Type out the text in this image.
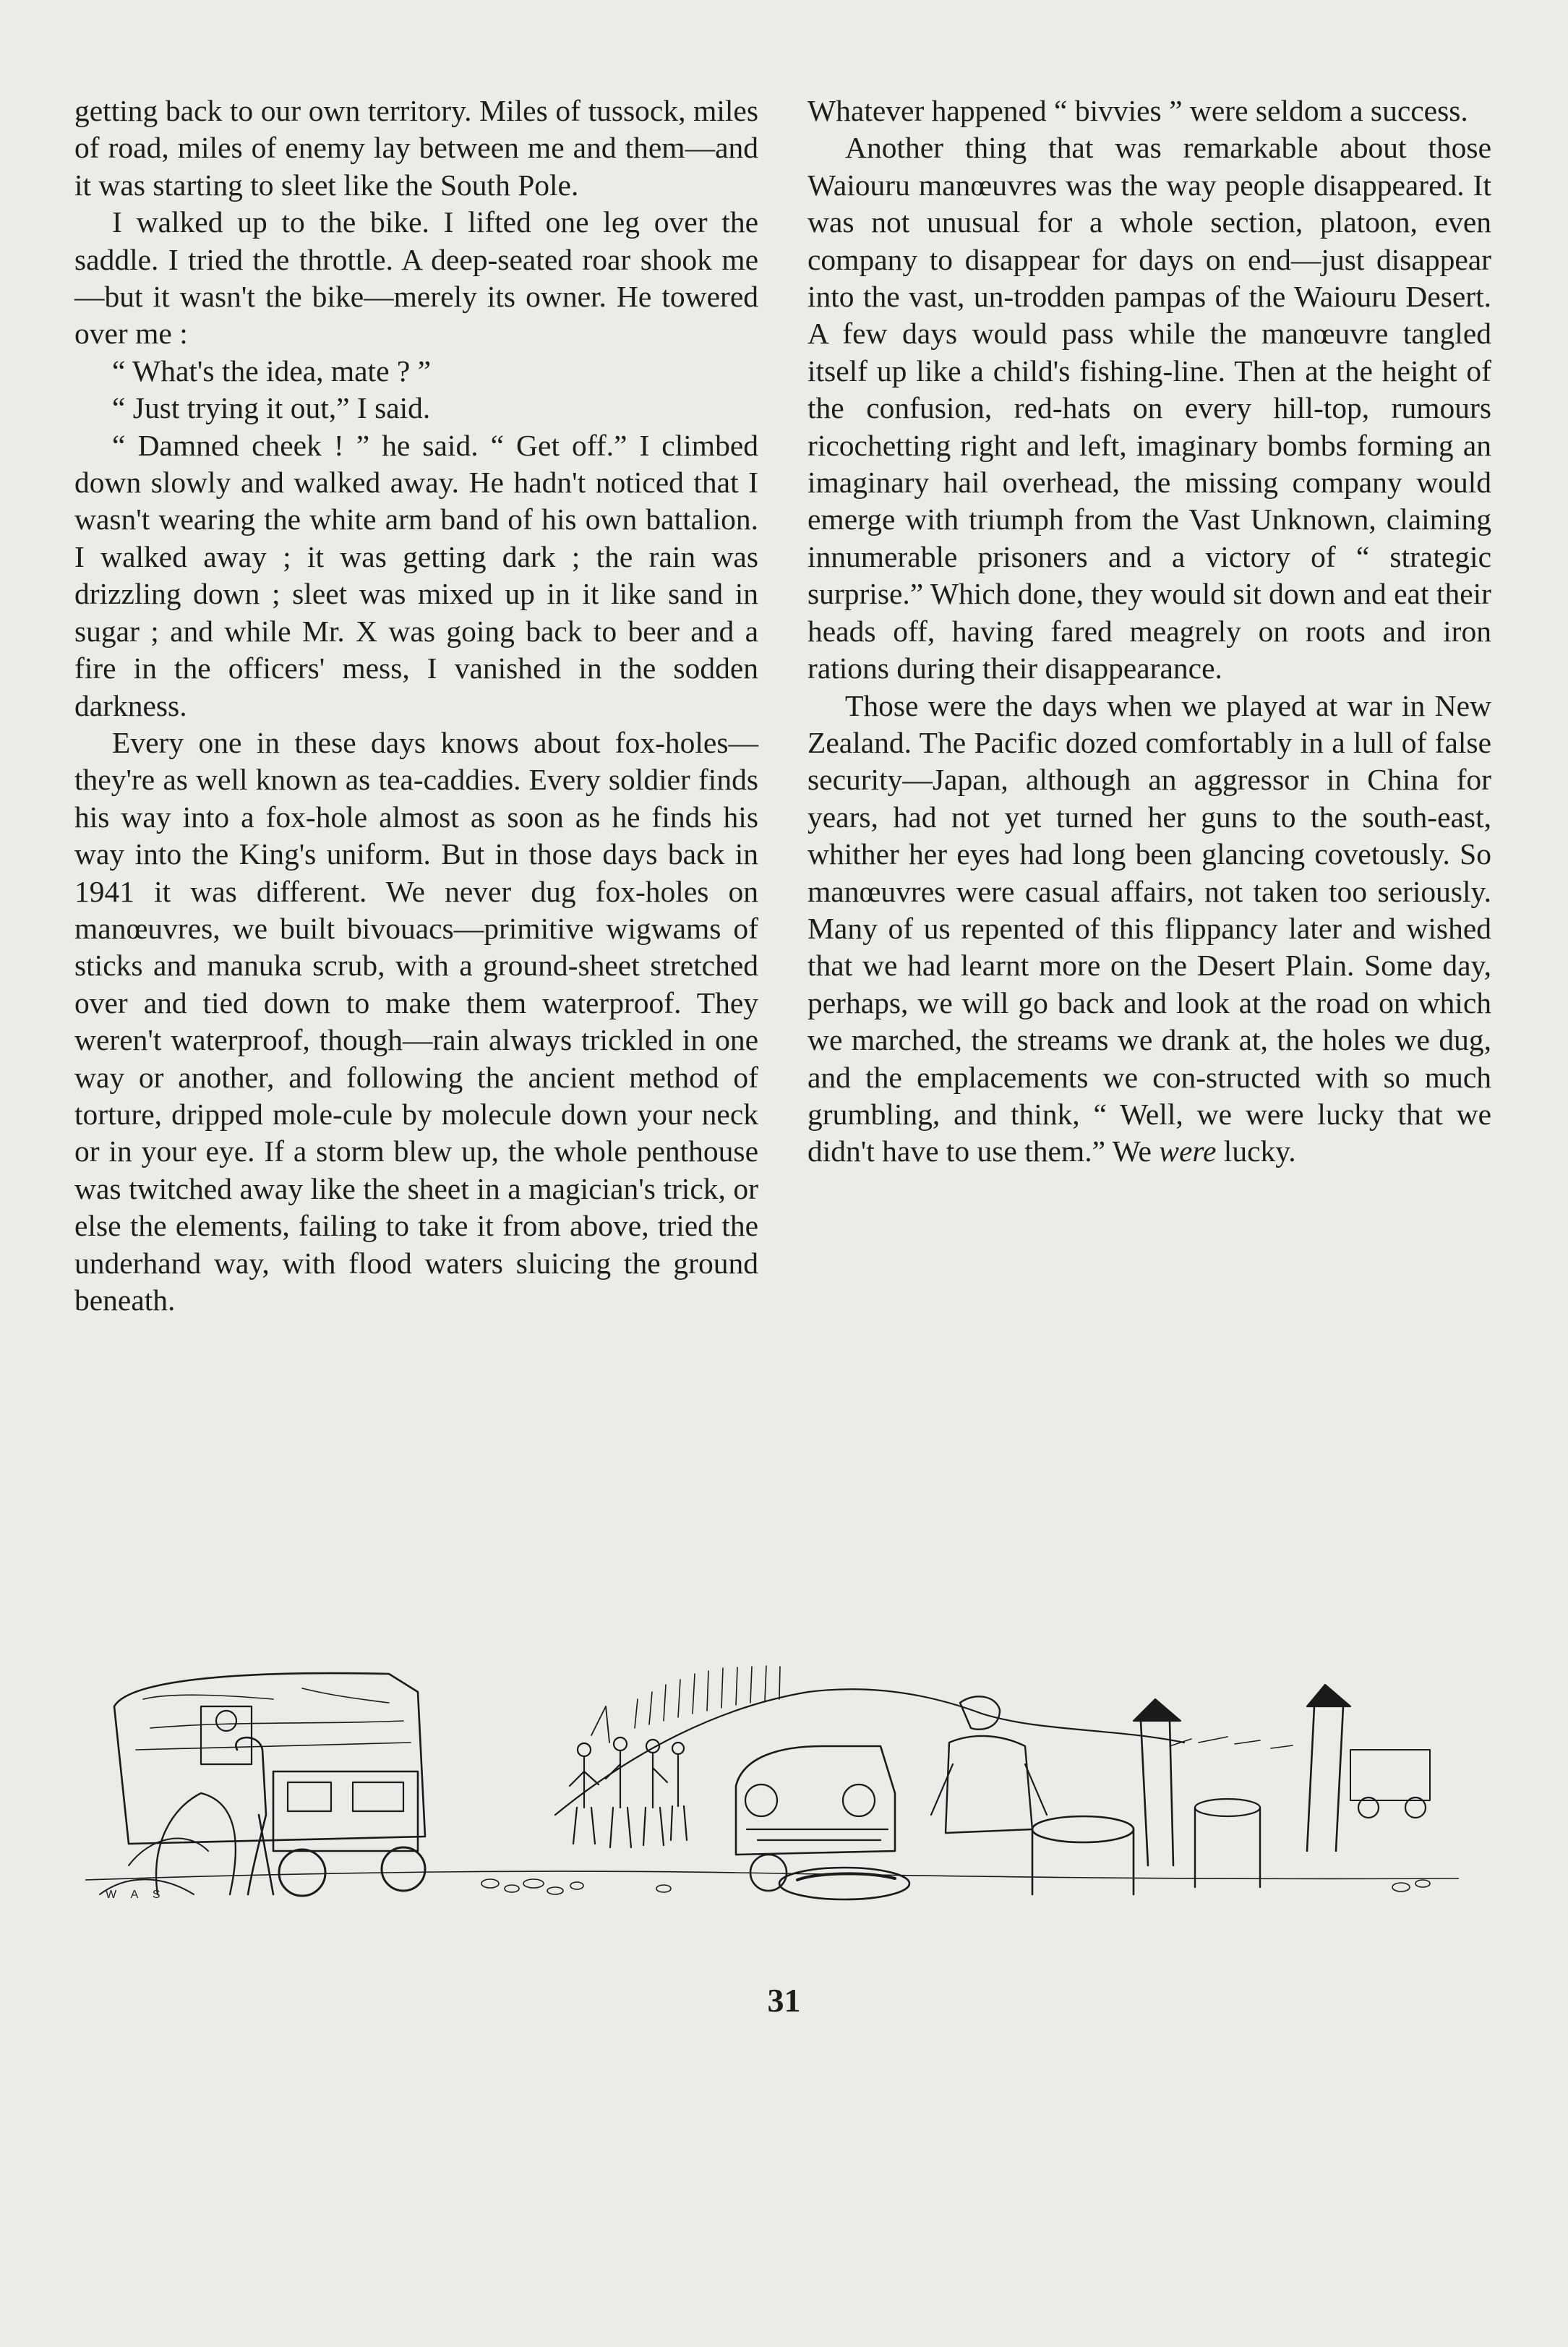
getting back to our own territory. Miles of tussock, miles of road, miles of enemy lay between me and them—and it was starting to sleet like the South Pole.

I walked up to the bike. I lifted one leg over the saddle. I tried the throttle. A deep-seated roar shook me—but it wasn't the bike—merely its owner. He towered over me :

“ What's the idea, mate ? ”

“ Just trying it out,” I said.

“ Damned cheek ! ” he said. “ Get off.” I climbed down slowly and walked away. He hadn't noticed that I wasn't wearing the white arm band of his own battalion. I walked away ; it was getting dark ; the rain was drizzling down ; sleet was mixed up in it like sand in sugar ; and while Mr. X was going back to beer and a fire in the officers' mess, I vanished in the sodden darkness.

Every one in these days knows about fox-holes—they're as well known as tea-caddies. Every soldier finds his way into a fox-hole almost as soon as he finds his way into the King's uniform. But in those days back in 1941 it was different. We never dug fox-holes on manœuvres, we built bivouacs—primitive wigwams of sticks and manuka scrub, with a ground-sheet stretched over and tied down to make them waterproof. They weren't waterproof, though—rain always trickled in one way or another, and following the ancient method of torture, dripped mole-cule by molecule down your neck or in your eye. If a storm blew up, the whole penthouse was twitched away like the sheet in a magician's trick, or else the elements, failing to take it from above, tried the underhand way, with flood waters sluicing the ground beneath.

Whatever happened “ bivvies ” were seldom a success.

Another thing that was remarkable about those Waiouru manœuvres was the way people disappeared. It was not unusual for a whole section, platoon, even company to disappear for days on end—just disappear into the vast, un-trodden pampas of the Waiouru Desert. A few days would pass while the manœuvre tangled itself up like a child's fishing-line. Then at the height of the confusion, red-hats on every hill-top, rumours ricochetting right and left, imaginary bombs forming an imaginary hail overhead, the missing company would emerge with triumph from the Vast Unknown, claiming innumerable prisoners and a victory of “ strategic surprise.” Which done, they would sit down and eat their heads off, having fared meagrely on roots and iron rations during their disappearance.

Those were the days when we played at war in New Zealand. The Pacific dozed comfortably in a lull of false security—Japan, although an aggressor in China for years, had not yet turned her guns to the south-east, whither her eyes had long been glancing covetously. So manœuvres were casual affairs, not taken too seriously. Many of us repented of this flippancy later and wished that we had learnt more on the Desert Plain. Some day, perhaps, we will go back and look at the road on which we marched, the streams we drank at, the holes we dug, and the emplacements we con-structed with so much grumbling, and think, “ Well, we were lucky that we didn't have to use them.” We were lucky.

W A S
31
